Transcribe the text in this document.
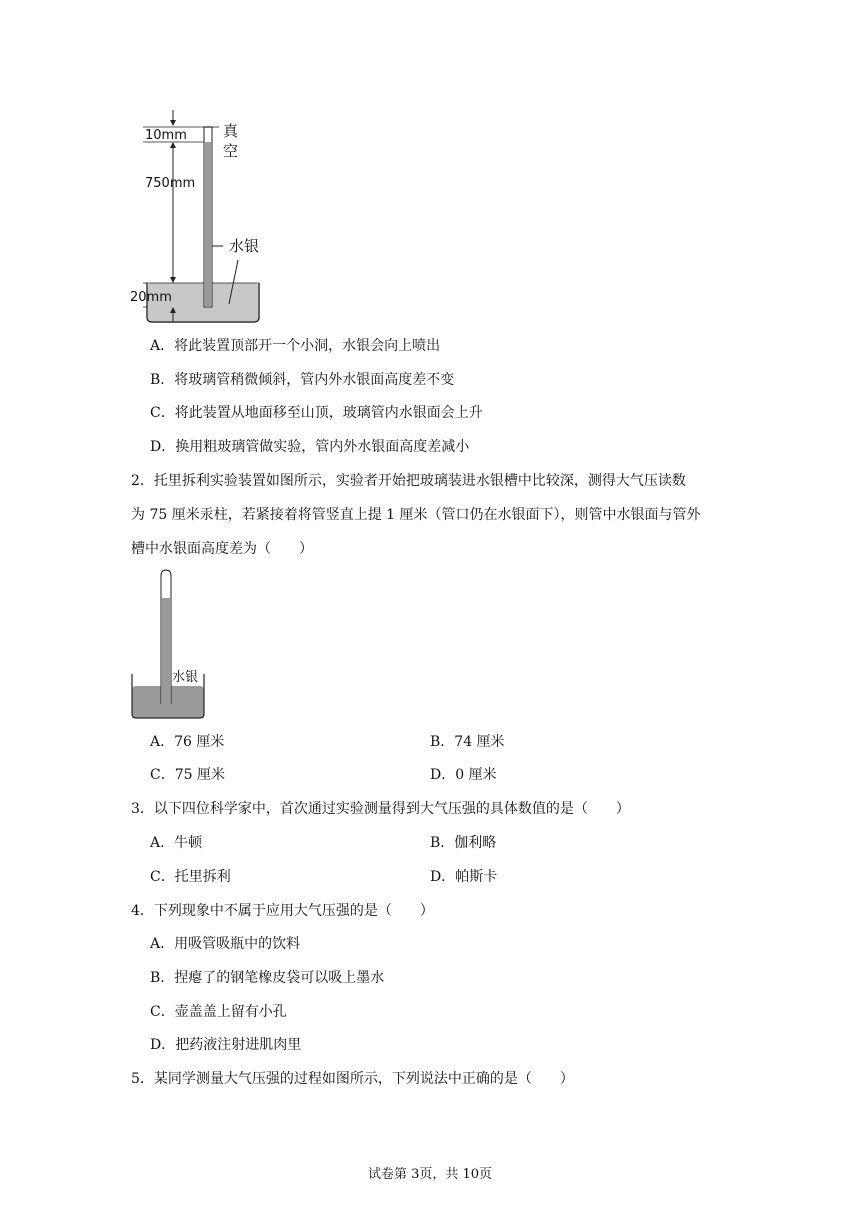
10mm
750mm
20mm
真
空
水银
A．将此装置顶部开一个小洞，水银会向上喷出
B．将玻璃管稍微倾斜，管内外水银面高度差不变
C．将此装置从地面移至山顶，玻璃管内水银面会上升
D．换用粗玻璃管做实验，管内外水银面高度差减小
2．托里拆利实验装置如图所示，实验者开始把玻璃装进水银槽中比较深，测得大气压读数
为 75 厘米汞柱，若紧接着将管竖直上提 1 厘米（管口仍在水银面下），则管中水银面与管外
槽中水银面高度差为（　　）
水银
A．76 厘米	B．74 厘米
C．75 厘米	D．0 厘米
3．以下四位科学家中，首次通过实验测量得到大气压强的具体数值的是（　　）
A．牛顿	B．伽利略
C．托里拆利	D．帕斯卡
4．下列现象中不属于应用大气压强的是（　　）
A．用吸管吸瓶中的饮料
B．捏瘪了的钢笔橡皮袋可以吸上墨水
C．壶盖盖上留有小孔
D．把药液注射进肌肉里
5．某同学测量大气压强的过程如图所示，下列说法中正确的是（　　）
试卷第 3页，共 10页
